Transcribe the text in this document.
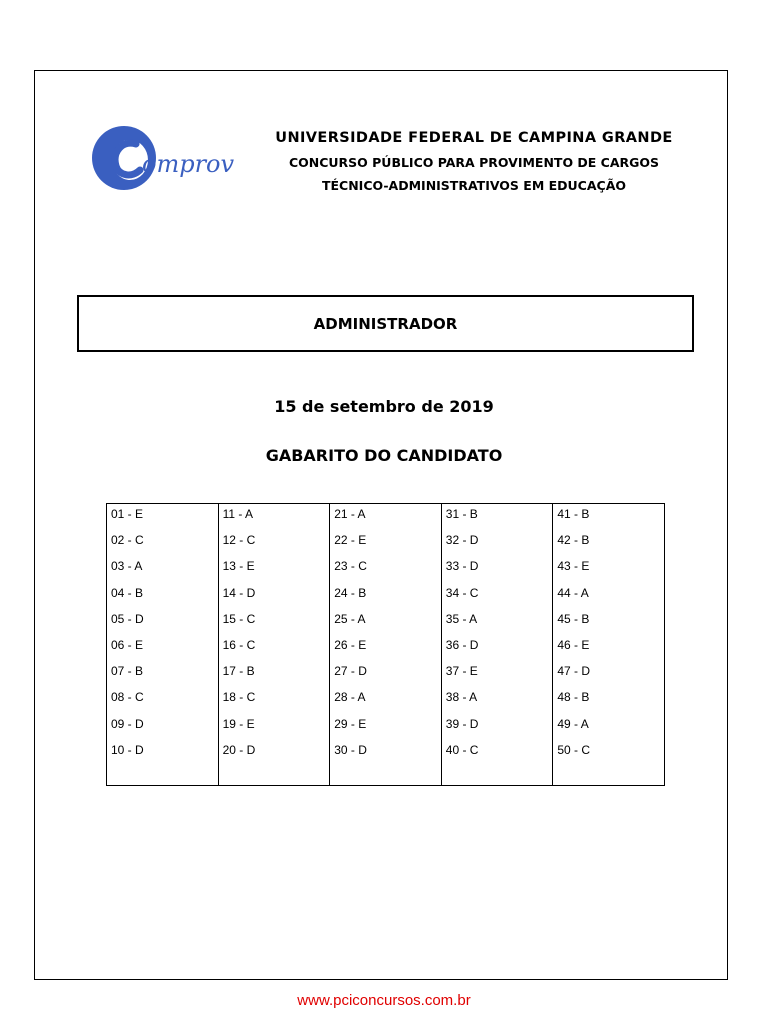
omprov
UNIVERSIDADE FEDERAL DE CAMPINA GRANDE
CONCURSO PÚBLICO PARA PROVIMENTO DE CARGOS
TÉCNICO-ADMINISTRATIVOS EM EDUCAÇÃO
ADMINISTRADOR
15 de setembro de 2019
GABARITO DO CANDIDATO
01 - E
02 - C
03 - A
04 - B
05 - D
06 - E
07 - B
08 - C
09 - D
10 - D
11 - A
12 - C
13 - E
14 - D
15 - C
16 - C
17 - B
18 - C
19 - E
20 - D
21 - A
22 - E
23 - C
24 - B
25 - A
26 - E
27 - D
28 - A
29 - E
30 - D
31 - B
32 - D
33 - D
34 - C
35 - A
36 - D
37 - E
38 - A
39 - D
40 - C
41 - B
42 - B
43 - E
44 - A
45 - B
46 - E
47 - D
48 - B
49 - A
50 - C
www.pciconcursos.com.br
